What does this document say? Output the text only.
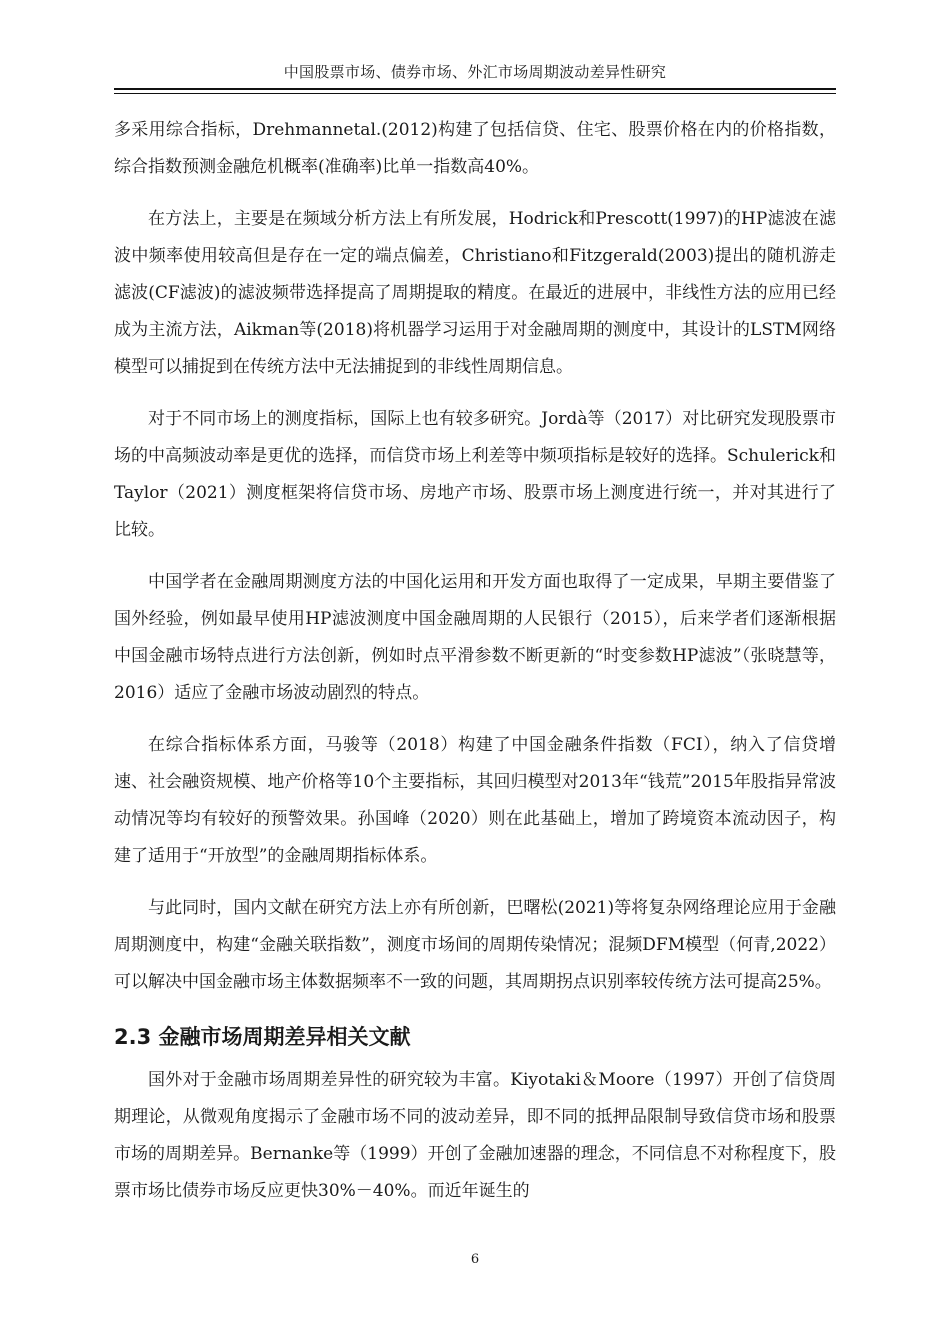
中国股票市场、债券市场、外汇市场周期波动差异性研究

多采用综合指标，Drehmannetal.(2012)构建了包括信贷、住宅、股票价格在内的价格指数，综合指数预测金融危机概率(准确率)比单一指数高40%。

在方法上，主要是在频域分析方法上有所发展，Hodrick和Prescott(1997)的HP滤波在滤波中频率使用较高但是存在一定的端点偏差，Christiano和Fitzgerald(2003)提出的随机游走滤波(CF滤波)的滤波频带选择提高了周期提取的精度。在最近的进展中，非线性方法的应用已经成为主流方法，Aikman等(2018)将机器学习运用于对金融周期的测度中，其设计的LSTM网络模型可以捕捉到在传统方法中无法捕捉到的非线性周期信息。

对于不同市场上的测度指标，国际上也有较多研究。Jordà等（2017）对比研究发现股票市场的中高频波动率是更优的选择，而信贷市场上利差等中频项指标是较好的选择。Schulerick和Taylor（2021）测度框架将信贷市场、房地产市场、股票市场上测度进行统一，并对其进行了比较。

中国学者在金融周期测度方法的中国化运用和开发方面也取得了一定成果，早期主要借鉴了国外经验，例如最早使用HP滤波测度中国金融周期的人民银行（2015），后来学者们逐渐根据中国金融市场特点进行方法创新，例如时点平滑参数不断更新的“时变参数HP滤波”（张晓慧等，2016）适应了金融市场波动剧烈的特点。

在综合指标体系方面，马骏等（2018）构建了中国金融条件指数（FCI），纳入了信贷增速、社会融资规模、地产价格等10个主要指标，其回归模型对2013年“钱荒”2015年股指异常波动情况等均有较好的预警效果。孙国峰（2020）则在此基础上，增加了跨境资本流动因子，构建了适用于“开放型”的金融周期指标体系。

与此同时，国内文献在研究方法上亦有所创新，巴曙松(2021)等将复杂网络理论应用于金融周期测度中，构建“金融关联指数”，测度市场间的周期传染情况；混频DFM模型（何青,2022）可以解决中国金融市场主体数据频率不一致的问题，其周期拐点识别率较传统方法可提高25%。

2.3 金融市场周期差异相关文献

国外对于金融市场周期差异性的研究较为丰富。Kiyotaki＆Moore（1997）开创了信贷周期理论，从微观角度揭示了金融市场不同的波动差异，即不同的抵押品限制导致信贷市场和股票市场的周期差异。Bernanke等（1999）开创了金融加速器的理念，不同信息不对称程度下，股票市场比债券市场反应更快30%－40%。而近年诞生的

6
